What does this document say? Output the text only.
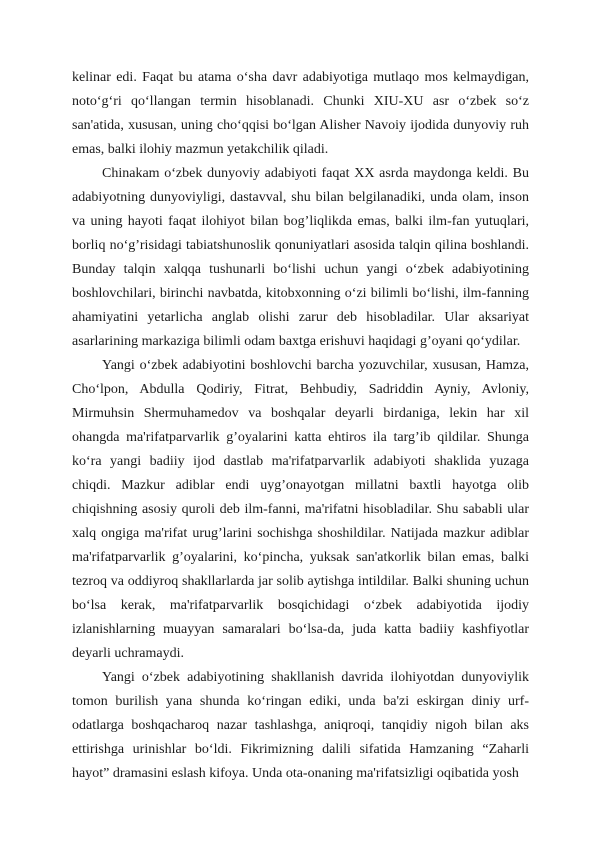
kelinar edi. Faqat bu atama o‘sha davr adabiyotiga mutlaqo mos kelmaydigan, noto‘g‘ri qo‘llangan termin hisoblanadi. Chunki XIU-XU asr o‘zbek so‘z san'atida, xususan, uning cho‘qqisi bo‘lgan Alisher Navoiy ijodida dunyoviy ruh emas, balki ilohiy mazmun yetakchilik qiladi.

Chinakam o‘zbek dunyoviy adabiyoti faqat XX asrda maydonga keldi. Bu adabiyotning dunyoviyligi, dastavval, shu bilan belgilanadiki, unda olam, inson va uning hayoti faqat ilohiyot bilan bog’liqlikda emas, balki ilm-fan yutuqlari, borliq no‘g’risidagi tabiatshunoslik qonuniyatlari asosida talqin qilina boshlandi. Bunday talqin xalqqa tushunarli bo‘lishi uchun yangi o‘zbek adabiyotining boshlovchilari, birinchi navbatda, kitobxonning o‘zi bilimli bo‘lishi, ilm-fanning ahamiyatini yetarlicha anglab olishi zarur deb hisobladilar. Ular aksariyat asarlarining markaziga bilimli odam baxtga erishuvi haqidagi g’oyani qo‘ydilar.

Yangi o‘zbek adabiyotini boshlovchi barcha yozuvchilar, xususan, Hamza, Cho‘lpon, Abdulla Qodiriy, Fitrat, Behbudiy, Sadriddin Ayniy, Avloniy, Mirmuhsin Shermuhamedov va boshqalar deyarli birdaniga, lekin har xil ohangda ma'rifatparvarlik g’oyalarini katta ehtiros ila targ’ib qildilar. Shunga ko‘ra yangi badiiy ijod dastlab ma'rifatparvarlik adabiyoti shaklida yuzaga chiqdi. Mazkur adiblar endi uyg’onayotgan millatni baxtli hayotga olib chiqishning asosiy quroli deb ilm-fanni, ma'rifatni hisobladilar. Shu sababli ular xalq ongiga ma'rifat urug’larini sochishga shoshildilar. Natijada mazkur adiblar ma'rifatparvarlik g’oyalarini, ko‘pincha, yuksak san'atkorlik bilan emas, balki tezroq va oddiyroq shakllarlarda jar solib aytishga intildilar. Balki shuning uchun bo‘lsa kerak, ma'rifatparvarlik bosqichidagi o‘zbek adabiyotida ijodiy izlanishlarning muayyan samaralari bo‘lsa-da, juda katta badiiy kashfiyotlar deyarli uchramaydi.

Yangi o‘zbek adabiyotining shakllanish davrida ilohiyotdan dunyoviylik tomon burilish yana shunda ko‘ringan ediki, unda ba'zi eskirgan diniy urf-odatlarga boshqacharoq nazar tashlashga, aniqroqi, tanqidiy nigoh bilan aks ettirishga urinishlar bo‘ldi. Fikrimizning dalili sifatida Hamzaning “Zaharli hayot” dramasini eslash kifoya. Unda ota-onaning ma'rifatsizligi oqibatida yosh
